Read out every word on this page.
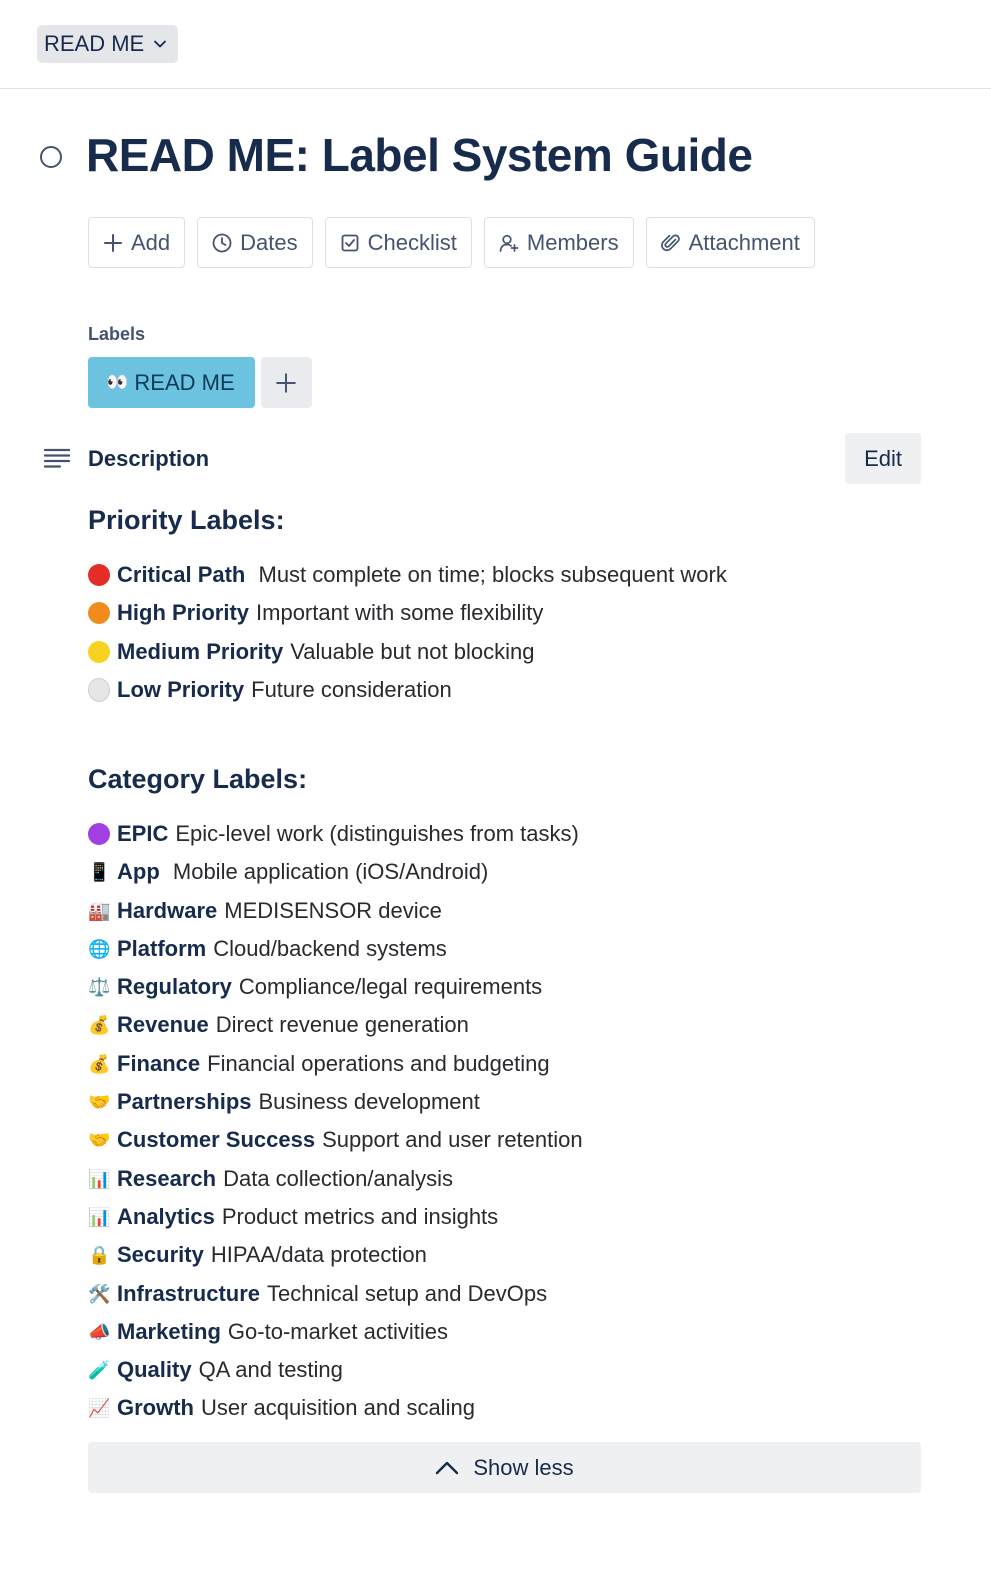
READ ME
READ ME: Label System Guide
Add	Dates	Checklist	Members	Attachment
Labels
👀 READ ME
Description	Edit
Priority Labels:
Critical Path Must complete on time; blocks subsequent work
High Priority Important with some flexibility
Medium Priority Valuable but not blocking
Low Priority Future consideration
Category Labels:
EPIC Epic-level work (distinguishes from tasks)
📱 App Mobile application (iOS/Android)
🏭 Hardware MEDISENSOR device
🌐 Platform Cloud/backend systems
⚖️ Regulatory Compliance/legal requirements
💰 Revenue Direct revenue generation
💰 Finance Financial operations and budgeting
🤝 Partnerships Business development
🤝 Customer Success Support and user retention
📊 Research Data collection/analysis
📊 Analytics Product metrics and insights
🔒 Security HIPAA/data protection
🛠️ Infrastructure Technical setup and DevOps
📣 Marketing Go-to-market activities
🧪 Quality QA and testing
📈 Growth User acquisition and scaling
Show less
